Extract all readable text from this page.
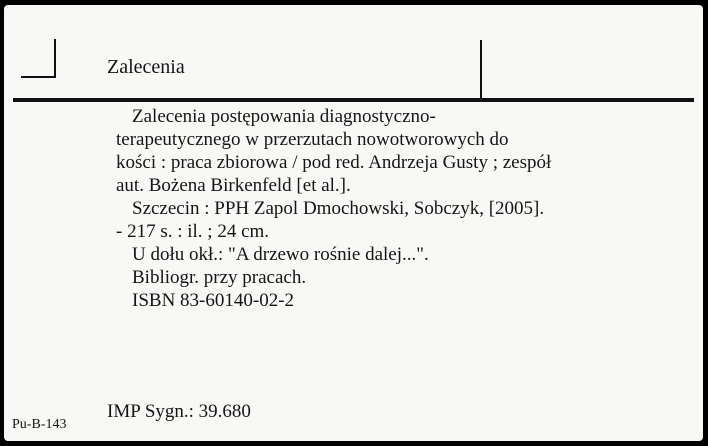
Zalecenia
Zalecenia postępowania diagnostyczno-
terapeutycznego w przerzutach nowotworowych do
kości : praca zbiorowa / pod red. Andrzeja Gusty ; zespół
aut. Bożena Birkenfeld [et al.].
Szczecin : PPH Zapol Dmochowski, Sobczyk, [2005].
- 217 s. : il. ; 24 cm.
U dołu okł.: "A drzewo rośnie dalej...".
Bibliogr. przy pracach.
ISBN 83-60140-02-2
IMP Sygn.: 39.680
Pu-B-143
